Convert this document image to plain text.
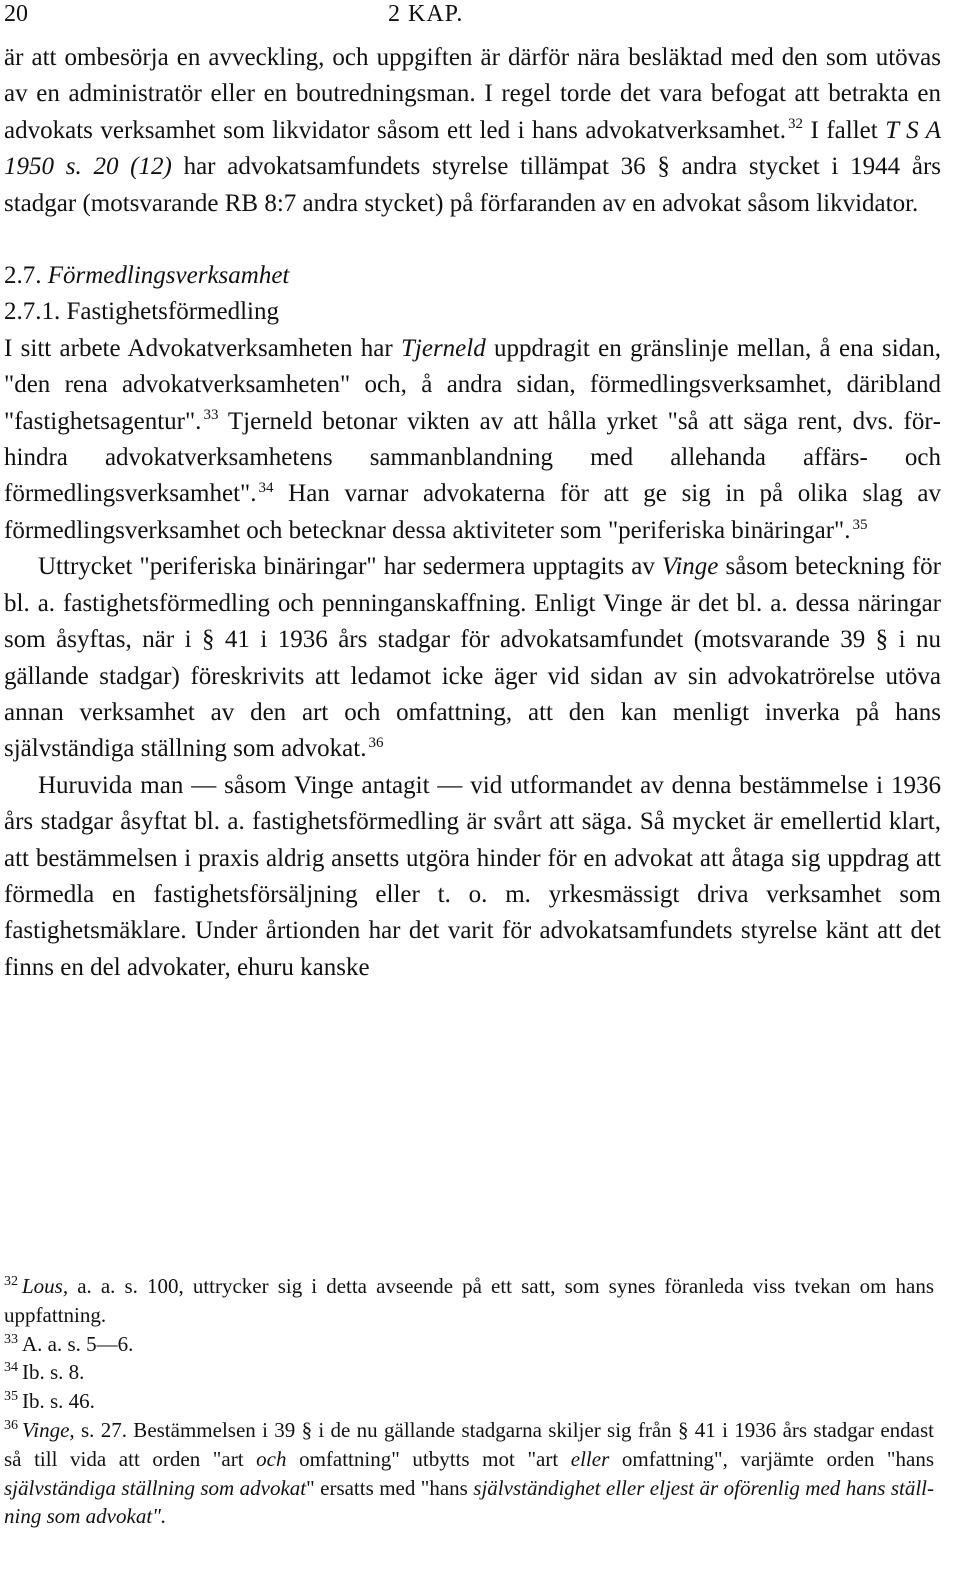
20	2 KAP.

är att ombesörja en avveckling, och uppgiften är därför nära besläktad med den som utövas av en administratör eller en boutredningsman. I regel torde det vara befogat att betrakta en advokats verksamhet som likvidator såsom ett led i hans advokatverksamhet. $^{32}$ I fallet T S A 1950 s. 20 (12) har advokatsamfundets styrelse tillämpat 36 § andra stycket i 1944 års stadgar (motsvarande RB 8:7 andra stycket) på förfaranden av en advokat såsom likvidator.

2.7. Förmedlingsverksamhet

2.7.1. Fastighetsförmedling

I sitt arbete Advokatverksamheten har Tjerneld uppdragit en gränslinje mellan, å ena sidan, "den rena advokatverksamheten" och, å andra sidan, förmedlingsverksamhet, däribland "fastighetsagentur". $^{33}$ Tjerneld betonar vikten av att hålla yrket "så att säga rent, dvs. förhindra advokatverksamhetens sammanblandning med allehanda affärs- och förmedlingsverksamhet". $^{34}$ Han varnar advokaterna för att ge sig in på olika slag av förmedlingsverksamhet och betecknar dessa aktiviteter som "periferiska binäringar". $^{35}$

Uttrycket "periferiska binäringar" har sedermera upptagits av Vinge såsom beteckning för bl. a. fastighetsförmedling och penninganskaffning. Enligt Vinge är det bl. a. dessa näringar som åsyftas, när i § 41 i 1936 års stadgar för advokatsamfundet (motsvarande 39 § i nu gällande stadgar) föreskrivits att ledamot icke äger vid sidan av sin advokatrörelse utöva annan verksamhet av den art och omfattning, att den kan menligt inverka på hans självständiga ställning som advokat. $^{36}$

Huruvida man — såsom Vinge antagit — vid utformandet av denna bestämmelse i 1936 års stadgar åsyftat bl. a. fastighetsförmedling är svårt att säga. Så mycket är emellertid klart, att bestämmelsen i praxis aldrig ansetts utgöra hinder för en advokat att åtaga sig uppdrag att förmedla en fastighetsförsäljning eller t. o. m. yrkesmässigt driva verksamhet som fastighetsmäklare. Under årtionden har det varit för advokatsamfundets styrelse känt att det finns en del advokater, ehuru kanske

$^{32}$ Lous, a. a. s. 100, uttrycker sig i detta avseende på ett satt, som synes föranleda viss tvekan om hans uppfattning.

$^{33}$ A. a. s. 5—6.

$^{34}$ Ib. s. 8.

$^{35}$ Ib. s. 46.

$^{36}$ Vinge, s. 27. Bestämmelsen i 39 § i de nu gällande stadgarna skiljer sig från § 41 i 1936 års stadgar endast så till vida att orden "art och omfattning" utbytts mot "art eller omfattning", varjämte orden "hans självständiga ställning som advokat" ersatts med "hans självständighet eller eljest är oförenlig med hans ställning som advokat".
